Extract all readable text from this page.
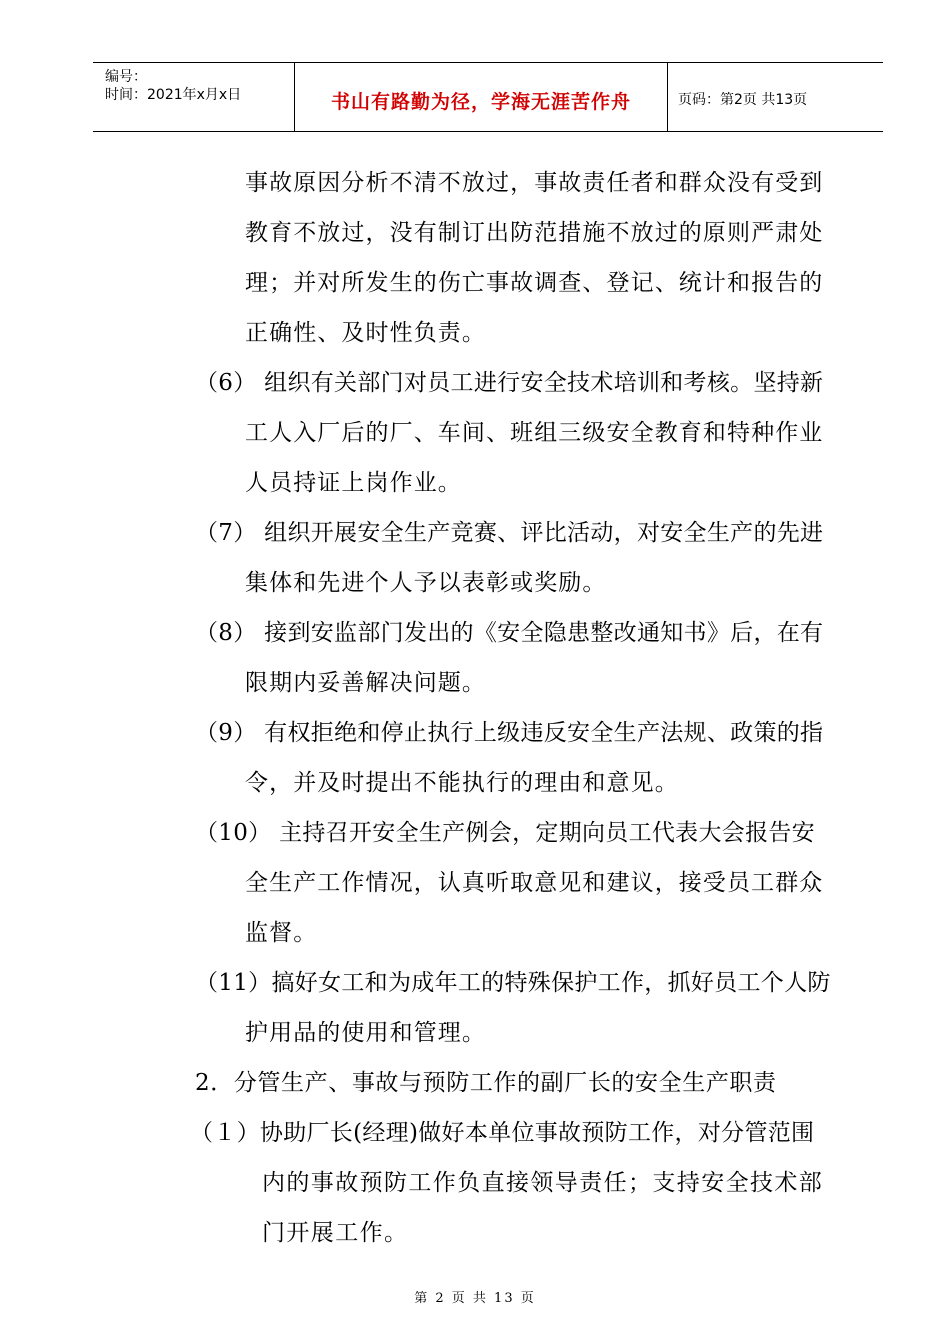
编号：
时间：2021年x月x日	书山有路勤为径，学海无涯苦作舟	页码：第2页 共13页
事故原因分析不清不放过，事故责任者和群众没有受到
教育不放过，没有制订出防范措施不放过的原则严肃处
理；并对所发生的伤亡事故调查、登记、统计和报告的
正确性、及时性负责。
（6） 组织有关部门对员工进行安全技术培训和考核。坚持新
工人入厂后的厂、车间、班组三级安全教育和特种作业
人员持证上岗作业。
（7） 组织开展安全生产竞赛、评比活动，对安全生产的先进
集体和先进个人予以表彰或奖励。
（8） 接到安监部门发出的《安全隐患整改通知书》后，在有
限期内妥善解决问题。
（9） 有权拒绝和停止执行上级违反安全生产法规、政策的指
令，并及时提出不能执行的理由和意见。
（10） 主持召开安全生产例会，定期向员工代表大会报告安
全生产工作情况，认真听取意见和建议，接受员工群众
监督。
（11）搞好女工和为成年工的特殊保护工作，抓好员工个人防
护用品的使用和管理。
2．分管生产、事故与预防工作的副厂长的安全生产职责
（１）协助厂长(经理)做好本单位事故预防工作，对分管范围
内的事故预防工作负直接领导责任；支持安全技术部
门开展工作。
第 2 页 共 13 页
